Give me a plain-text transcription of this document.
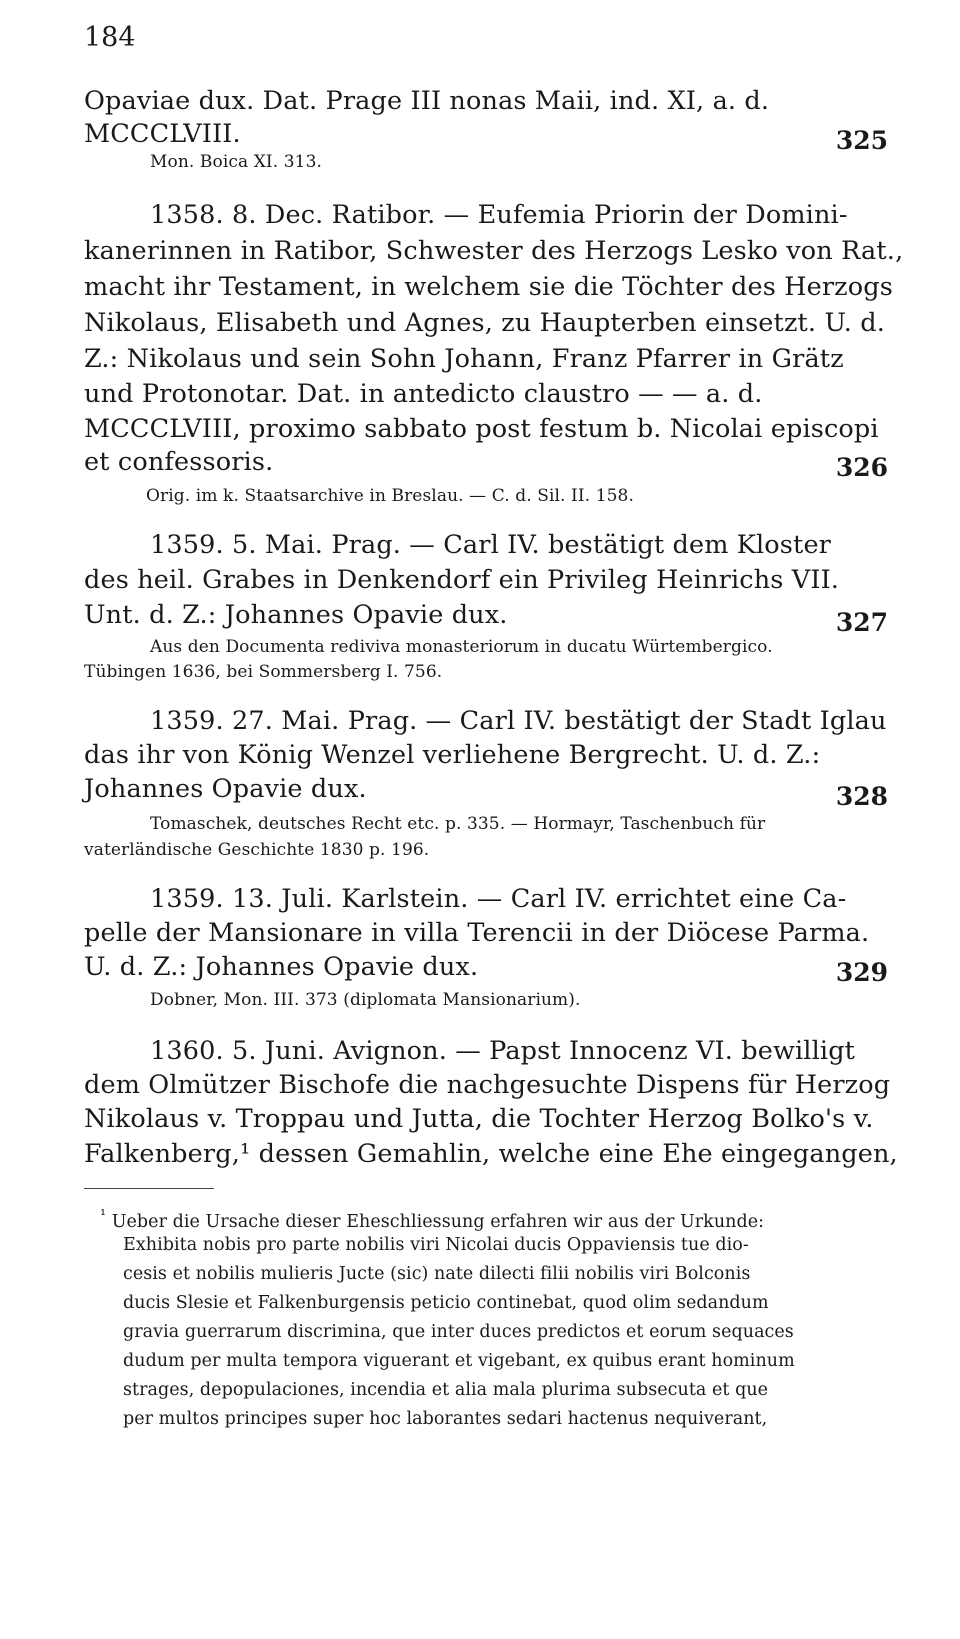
184
Opaviae dux. Dat. Prage III nonas Maii, ind. XI, a. d.
MCCCLVIII.	325
Mon. Boica XI. 313.
1358. 8. Dec. Ratibor. — Eufemia Priorin der Domini-
kanerinnen in Ratibor, Schwester des Herzogs Lesko von Rat.,
macht ihr Testament, in welchem sie die Töchter des Herzogs
Nikolaus, Elisabeth und Agnes, zu Haupterben einsetzt. U. d.
Z.: Nikolaus und sein Sohn Johann, Franz Pfarrer in Grätz
und Protonotar. Dat. in antedicto claustro — — a. d.
MCCCLVIII, proximo sabbato post festum b. Nicolai episcopi
et confessoris.	326
Orig. im k. Staatsarchive in Breslau. — C. d. Sil. II. 158.
1359. 5. Mai. Prag. — Carl IV. bestätigt dem Kloster
des heil. Grabes in Denkendorf ein Privileg Heinrichs VII.
Unt. d. Z.: Johannes Opavie dux.	327
Aus den Documenta rediviva monasteriorum in ducatu Würtembergico.
Tübingen 1636, bei Sommersberg I. 756.
1359. 27. Mai. Prag. — Carl IV. bestätigt der Stadt Iglau
das ihr von König Wenzel verliehene Bergrecht. U. d. Z.:
Johannes Opavie dux.	328
Tomaschek, deutsches Recht etc. p. 335. — Hormayr, Taschenbuch für
vaterländische Geschichte 1830 p. 196.
1359. 13. Juli. Karlstein. — Carl IV. errichtet eine Ca-
pelle der Mansionare in villa Terencii in der Diöcese Parma.
U. d. Z.: Johannes Opavie dux.	329
Dobner, Mon. III. 373 (diplomata Mansionarium).
1360. 5. Juni. Avignon. — Papst Innocenz VI. bewilligt
dem Olmützer Bischofe die nachgesuchte Dispens für Herzog
Nikolaus v. Troppau und Jutta, die Tochter Herzog Bolko's v.
Falkenberg,¹ dessen Gemahlin, welche eine Ehe eingegangen,
$^{^1}$ Ueber die Ursache dieser Eheschliessung erfahren wir aus der Urkunde:
Exhibita nobis pro parte nobilis viri Nicolai ducis Oppaviensis tue dio-
cesis et nobilis mulieris Jucte (sic) nate dilecti filii nobilis viri Bolconis
ducis Slesie et Falkenburgensis peticio continebat, quod olim sedandum
gravia guerrarum discrimina, que inter duces predictos et eorum sequaces
dudum per multa tempora viguerant et vigebant, ex quibus erant hominum
strages, depopulaciones, incendia et alia mala plurima subsecuta et que
per multos principes super hoc laborantes sedari hactenus nequiverant,
